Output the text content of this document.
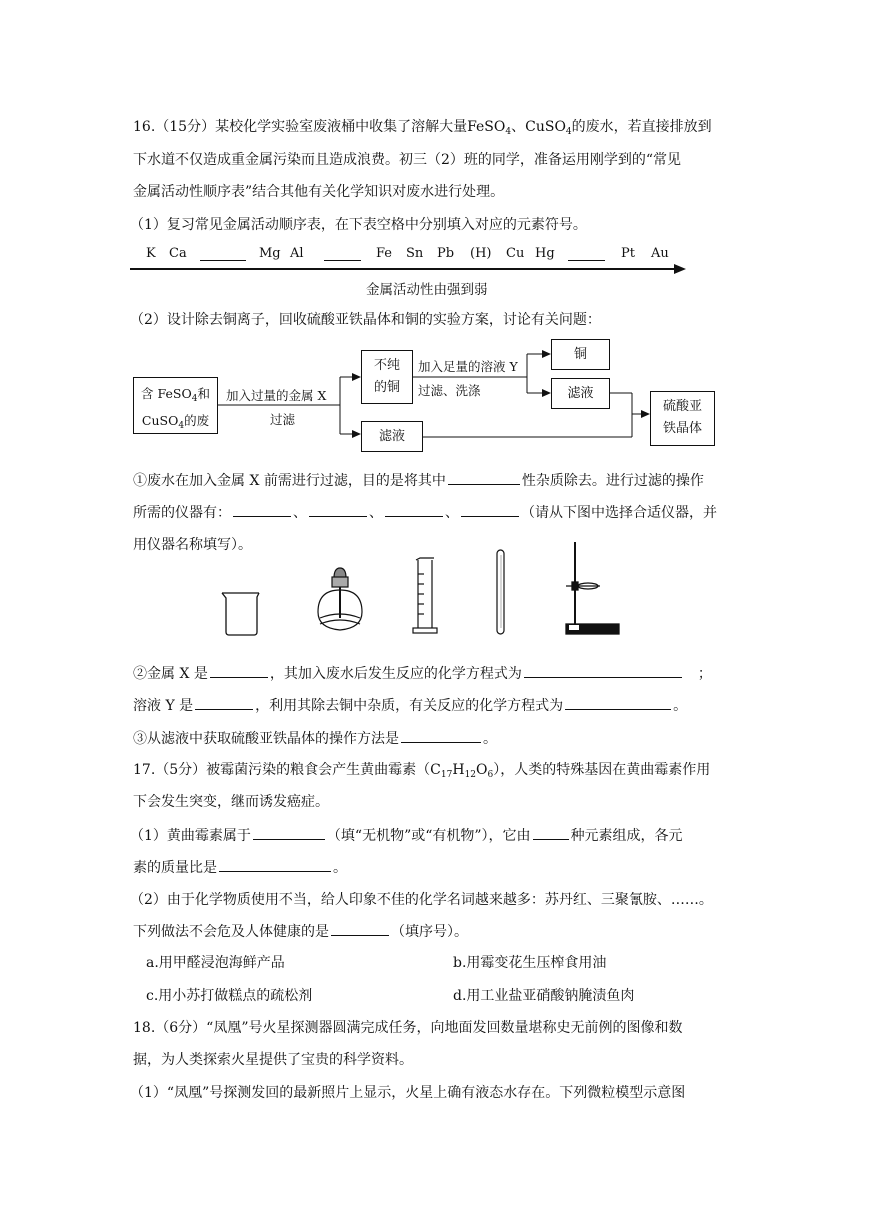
16.（15分）某校化学实验室废液桶中收集了溶解大量FeSO$_4$、CuSO$_4$的废水，若直接排放到
下水道不仅造成重金属污染而且造成浪费。初三（2）班的同学，准备运用刚学到的“常见
金属活动性顺序表”结合其他有关化学知识对废水进行处理。
（1）复习常见金属活动顺序表，在下表空格中分别填入对应的元素符号。
K Ca	Mg Al	Fe Sn Pb (H) Cu Hg	Pt Au
金属活动性由强到弱
（2）设计除去铜离子，回收硫酸亚铁晶体和铜的实验方案，讨论有关问题：
含 FeSO$_4$和
CuSO$_4$的废
加入过量的金属 X
过滤
不纯
的铜
滤液
加入足量的溶液 Y
过滤、洗涤
铜
滤液
硫酸亚
铁晶体
①废水在加入金属 X 前需进行过滤，目的是将其中	性杂质除去。进行过滤的操作
所需的仪器有：	、	、	、	（请从下图中选择合适仪器，并
用仪器名称填写）。
②金属 X 是	，其加入废水后发生反应的化学方程式为	；
溶液 Y 是	，利用其除去铜中杂质，有关反应的化学方程式为	。
③从滤液中获取硫酸亚铁晶体的操作方法是	。
17.（5分）被霉菌污染的粮食会产生黄曲霉素$(C_{17}H_{12}O_6)$，人类的特殊基因在黄曲霉素作用
下会发生突变，继而诱发癌症。
（1）黄曲霉素属于	（填“无机物”或“有机物”），它由	种元素组成，各元
素的质量比是	。
（2）由于化学物质使用不当，给人印象不佳的化学名词越来越多：苏丹红、三聚氰胺、……。
下列做法不会危及人体健康的是	（填序号）。
a.用甲醛浸泡海鲜产品	b.用霉变花生压榨食用油
c.用小苏打做糕点的疏松剂	d.用工业盐亚硝酸钠腌渍鱼肉
18.（6分）“凤凰”号火星探测器圆满完成任务，向地面发回数量堪称史无前例的图像和数
据，为人类探索火星提供了宝贵的科学资料。
（1）“凤凰”号探测发回的最新照片上显示，火星上确有液态水存在。下列微粒模型示意图
